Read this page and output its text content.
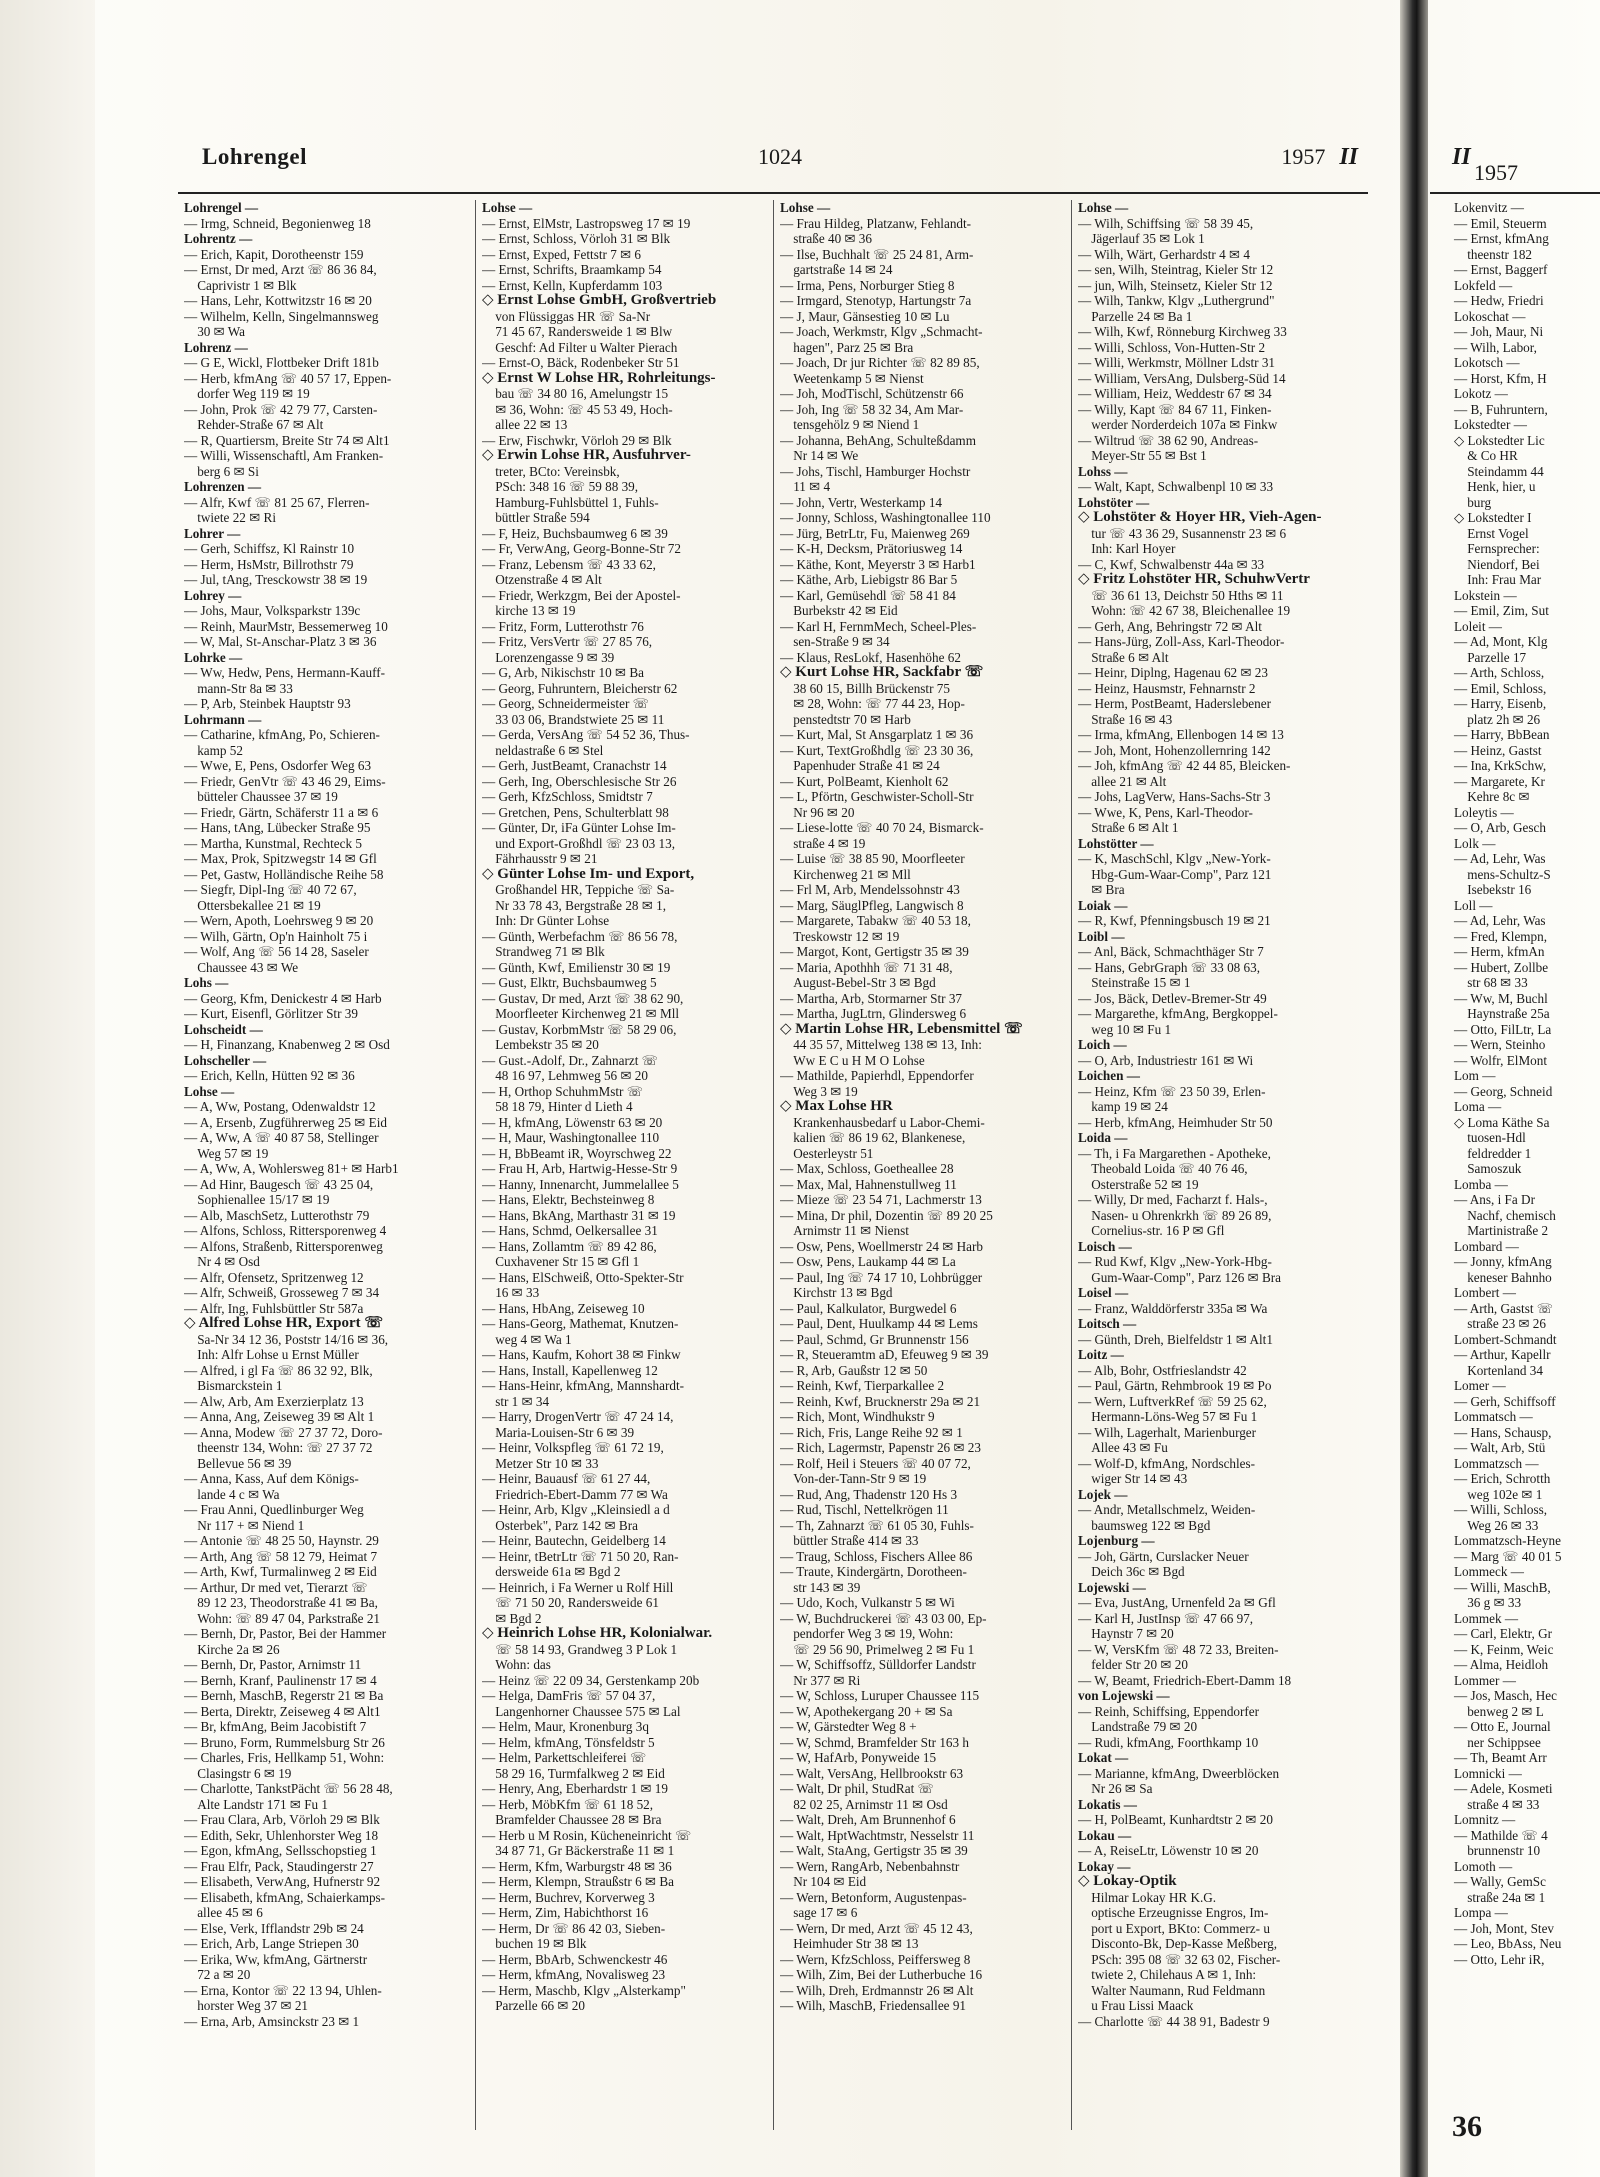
Lohrengel	1024	1957 II
Lohrengel —
— Irmg, Schneid, Begonienweg 18
Lohrentz —
— Erich, Kapit, Dorotheenstr 159
— Ernst, Dr med, Arzt ☏ 86 36 84,
 Caprivistr 1 ✉ Blk
— Hans, Lehr, Kottwitzstr 16 ✉ 20
— Wilhelm, Kelln, Singelmannsweg
 30 ✉ Wa
Lohrenz —
— G E, Wickl, Flottbeker Drift 181b
— Herb, kfmAng ☏ 40 57 17, Eppen-
 dorfer Weg 119 ✉ 19
— John, Prok ☏ 42 79 77, Carsten-
 Rehder-Straße 67 ✉ Alt
— R, Quartiersm, Breite Str 74 ✉ Alt1
— Willi, Wissenschaftl, Am Franken-
 berg 6 ✉ Si
Lohrenzen —
— Alfr, Kwf ☏ 81 25 67, Flerren-
 twiete 22 ✉ Ri
Lohrer —
— Gerh, Schiffsz, Kl Rainstr 10
— Herm, HsMstr, Billrothstr 79
— Jul, tAng, Tresckowstr 38 ✉ 19
Lohrey —
— Johs, Maur, Volksparkstr 139c
— Reinh, MaurMstr, Bessemerweg 10
— W, Mal, St-Anschar-Platz 3 ✉ 36
Lohrke —
— Ww, Hedw, Pens, Hermann-Kauff-
 mann-Str 8a ✉ 33
— P, Arb, Steinbek Hauptstr 93
Lohrmann —
— Catharine, kfmAng, Po, Schieren-
 kamp 52
— Wwe, E, Pens, Osdorfer Weg 63
— Friedr, GenVtr ☏ 43 46 29, Eims-
 bütteler Chaussee 37 ✉ 19
— Friedr, Gärtn, Schäferstr 11 a ✉ 6
— Hans, tAng, Lübecker Straße 95
— Martha, Kunstmal, Rechteck 5
— Max, Prok, Spitzwegstr 14 ✉ Gfl
— Pet, Gastw, Holländische Reihe 58
— Siegfr, Dipl-Ing ☏ 40 72 67,
 Ottersbekallee 21 ✉ 19
— Wern, Apoth, Loehrsweg 9 ✉ 20
— Wilh, Gärtn, Op'n Hainholt 75 i
— Wolf, Ang ☏ 56 14 28, Saseler
 Chaussee 43 ✉ We
Lohs —
— Georg, Kfm, Denickestr 4 ✉ Harb
— Kurt, Eisenfl, Görlitzer Str 39
Lohscheidt —
— H, Finanzang, Knabenweg 2 ✉ Osd
Lohscheller —
— Erich, Kelln, Hütten 92 ✉ 36
Lohse —
— A, Ww, Postang, Odenwaldstr 12
— A, Ersenb, Zugführerweg 25 ✉ Eid
— A, Ww, A ☏ 40 87 58, Stellinger
 Weg 57 ✉ 19
— A, Ww, A, Wohlersweg 81+ ✉ Harb1
— Ad Hinr, Baugesch ☏ 43 25 04,
 Sophienallee 15/17 ✉ 19
— Alb, MaschSetz, Lutterothstr 79
— Alfons, Schloss, Rittersporenweg 4
— Alfons, Straßenb, Rittersporenweg
 Nr 4 ✉ Osd
— Alfr, Ofensetz, Spritzenweg 12
— Alfr, Schweiß, Grosseweg 7 ✉ 34
— Alfr, Ing, Fuhlsbüttler Str 587a
◇ Alfred Lohse HR, Export ☏
 Sa-Nr 34 12 36, Poststr 14/16 ✉ 36,
 Inh: Alfr Lohse u Ernst Müller
— Alfred, i gl Fa ☏ 86 32 92, Blk,
 Bismarckstein 1
— Alw, Arb, Am Exerzierplatz 13
— Anna, Ang, Zeiseweg 39 ✉ Alt 1
— Anna, Modew ☏ 27 37 72, Doro-
 theenstr 134, Wohn: ☏ 27 37 72
 Bellevue 56 ✉ 39
— Anna, Kass, Auf dem Königs-
 lande 4 c ✉ Wa
— Frau Anni, Quedlinburger Weg
 Nr 117 + ✉ Niend 1
— Antonie ☏ 48 25 50, Haynstr. 29
— Arth, Ang ☏ 58 12 79, Heimat 7
— Arth, Kwf, Turmalinweg 2 ✉ Eid
— Arthur, Dr med vet, Tierarzt ☏
 89 12 23, Theodorstraße 41 ✉ Ba,
 Wohn: ☏ 89 47 04, Parkstraße 21
— Bernh, Dr, Pastor, Bei der Hammer
 Kirche 2a ✉ 26
— Bernh, Dr, Pastor, Arnimstr 11
— Bernh, Kranf, Paulinenstr 17 ✉ 4
— Bernh, MaschB, Regerstr 21 ✉ Ba
— Berta, Direktr, Zeiseweg 4 ✉ Alt1
— Br, kfmAng, Beim Jacobistift 7
— Bruno, Form, Rummelsburg Str 26
— Charles, Fris, Hellkamp 51, Wohn:
 Clasingstr 6 ✉ 19
— Charlotte, TankstPächt ☏ 56 28 48,
 Alte Landstr 171 ✉ Fu 1
— Frau Clara, Arb, Vörloh 29 ✉ Blk
— Edith, Sekr, Uhlenhorster Weg 18
— Egon, kfmAng, Sellsschopstieg 1
— Frau Elfr, Pack, Staudingerstr 27
— Elisabeth, VerwAng, Hufnerstr 92
— Elisabeth, kfmAng, Schaierkamps-
 allee 45 ✉ 6
— Else, Verk, Ifflandstr 29b ✉ 24
— Erich, Arb, Lange Striepen 30
— Erika, Ww, kfmAng, Gärtnerstr
 72 a ✉ 20
— Erna, Kontor ☏ 22 13 94, Uhlen-
 horster Weg 37 ✉ 21
— Erna, Arb, Amsinckstr 23 ✉ 1
Lohse —
— Ernst, ElMstr, Lastropsweg 17 ✉ 19
— Ernst, Schloss, Vörloh 31 ✉ Blk
— Ernst, Exped, Fettstr 7 ✉ 6
— Ernst, Schrifts, Braamkamp 54
— Ernst, Kelln, Kupferdamm 103
◇ Ernst Lohse GmbH, Großvertrieb
 von Flüssiggas HR ☏ Sa-Nr
 71 45 67, Randersweide 1 ✉ Blw
 Geschf: Ad Filter u Walter Pierach
— Ernst-O, Bäck, Rodenbeker Str 51
◇ Ernst W Lohse HR, Rohrleitungs-
 bau ☏ 34 80 16, Amelungstr 15
 ✉ 36, Wohn: ☏ 45 53 49, Hoch-
 allee 22 ✉ 13
— Erw, Fischwkr, Vörloh 29 ✉ Blk
◇ Erwin Lohse HR, Ausfuhrver-
 treter, BCto: Vereinsbk,
 PSch: 348 16 ☏ 59 88 39,
 Hamburg-Fuhlsbüttel 1, Fuhls-
 büttler Straße 594
— F, Heiz, Buchsbaumweg 6 ✉ 39
— Fr, VerwAng, Georg-Bonne-Str 72
— Franz, Lebensm ☏ 43 33 62,
 Otzenstraße 4 ✉ Alt
— Friedr, Werkzgm, Bei der Apostel-
 kirche 13 ✉ 19
— Fritz, Form, Lutterothstr 76
— Fritz, VersVertr ☏ 27 85 76,
 Lorenzengasse 9 ✉ 39
— G, Arb, Nikischstr 10 ✉ Ba
— Georg, Fuhruntern, Bleicherstr 62
— Georg, Schneidermeister ☏
 33 03 06, Brandstwiete 25 ✉ 11
— Gerda, VersAng ☏ 54 52 36, Thus-
 neldastraße 6 ✉ Stel
— Gerh, JustBeamt, Cranachstr 14
— Gerh, Ing, Oberschlesische Str 26
— Gerh, KfzSchloss, Smidtstr 7
— Gretchen, Pens, Schulterblatt 98
— Günter, Dr, iFa Günter Lohse Im-
 und Export-Großhdl ☏ 23 03 13,
 Fährhausstr 9 ✉ 21
◇ Günter Lohse Im- und Export,
 Großhandel HR, Teppiche ☏ Sa-
 Nr 33 78 43, Bergstraße 28 ✉ 1,
 Inh: Dr Günter Lohse
— Günth, Werbefachm ☏ 86 56 78,
 Strandweg 71 ✉ Blk
— Günth, Kwf, Emilienstr 30 ✉ 19
— Gust, Elktr, Buchsbaumweg 5
— Gustav, Dr med, Arzt ☏ 38 62 90,
 Moorfleeter Kirchenweg 21 ✉ Mll
— Gustav, KorbmMstr ☏ 58 29 06,
 Lembekstr 35 ✉ 20
— Gust.-Adolf, Dr., Zahnarzt ☏
 48 16 97, Lehmweg 56 ✉ 20
— H, Orthop SchuhmMstr ☏
 58 18 79, Hinter d Lieth 4
— H, kfmAng, Löwenstr 63 ✉ 20
— H, Maur, Washingtonallee 110
— H, BbBeamt iR, Woyrschweg 22
— Frau H, Arb, Hartwig-Hesse-Str 9
— Hanny, Innenarcht, Jummelallee 5
— Hans, Elektr, Bechsteinweg 8
— Hans, BkAng, Marthastr 31 ✉ 19
— Hans, Schmd, Oelkersallee 31
— Hans, Zollamtm ☏ 89 42 86,
 Cuxhavener Str 15 ✉ Gfl 1
— Hans, ElSchweiß, Otto-Spekter-Str
 16 ✉ 33
— Hans, HbAng, Zeiseweg 10
— Hans-Georg, Mathemat, Knutzen-
 weg 4 ✉ Wa 1
— Hans, Kaufm, Kohort 38 ✉ Finkw
— Hans, Install, Kapellenweg 12
— Hans-Heinr, kfmAng, Mannshardt-
 str 1 ✉ 34
— Harry, DrogenVertr ☏ 47 24 14,
 Maria-Louisen-Str 6 ✉ 39
— Heinr, Volkspfleg ☏ 61 72 19,
 Metzer Str 10 ✉ 33
— Heinr, Bauausf ☏ 61 27 44,
 Friedrich-Ebert-Damm 77 ✉ Wa
— Heinr, Arb, Klgv „Kleinsiedl a d
 Osterbek", Parz 142 ✉ Bra
— Heinr, Bautechn, Geidelberg 14
— Heinr, tBetrLtr ☏ 71 50 20, Ran-
 dersweide 61a ✉ Bgd 2
— Heinrich, i Fa Werner u Rolf Hill
 ☏ 71 50 20, Randersweide 61
 ✉ Bgd 2
◇ Heinrich Lohse HR, Kolonialwar.
 ☏ 58 14 93, Grandweg 3 P Lok 1
 Wohn: das
— Heinz ☏ 22 09 34, Gerstenkamp 20b
— Helga, DamFris ☏ 57 04 37,
 Langenhorner Chaussee 575 ✉ Lal
— Helm, Maur, Kronenburg 3q
— Helm, kfmAng, Tönsfeldstr 5
— Helm, Parkettschleiferei ☏
 58 29 16, Turmfalkweg 2 ✉ Eid
— Henry, Ang, Eberhardstr 1 ✉ 19
— Herb, MöbKfm ☏ 61 18 52,
 Bramfelder Chaussee 28 ✉ Bra
— Herb u M Rosin, Kücheneinricht ☏
 34 87 71, Gr Bäckerstraße 11 ✉ 1
— Herm, Kfm, Warburgstr 48 ✉ 36
— Herm, Klempn, Straußstr 6 ✉ Ba
— Herm, Buchrev, Korverweg 3
— Herm, Zim, Habichthorst 16
— Herm, Dr ☏ 86 42 03, Sieben-
 buchen 19 ✉ Blk
— Herm, BbArb, Schwenckestr 46
— Herm, kfmAng, Novalisweg 23
— Herm, Maschb, Klgv „Alsterkamp"
 Parzelle 66 ✉ 20
Lohse —
— Frau Hildeg, Platzanw, Fehlandt-
 straße 40 ✉ 36
— Ilse, Buchhalt ☏ 25 24 81, Arm-
 gartstraße 14 ✉ 24
— Irma, Pens, Norburger Stieg 8
— Irmgard, Stenotyp, Hartungstr 7a
— J, Maur, Gänsestieg 10 ✉ Lu
— Joach, Werkmstr, Klgv „Schmacht-
 hagen", Parz 25 ✉ Bra
— Joach, Dr jur Richter ☏ 82 89 85,
 Weetenkamp 5 ✉ Nienst
— Joh, ModTischl, Schützenstr 66
— Joh, Ing ☏ 58 32 34, Am Mar-
 tensgehölz 9 ✉ Niend 1
— Johanna, BehAng, Schulteßdamm
 Nr 14 ✉ We
— Johs, Tischl, Hamburger Hochstr
 11 ✉ 4
— John, Vertr, Westerkamp 14
— Jonny, Schloss, Washingtonallee 110
— Jürg, BetrLtr, Fu, Maienweg 269
— K-H, Decksm, Prätoriusweg 14
— Käthe, Kont, Meyerstr 3 ✉ Harb1
— Käthe, Arb, Liebigstr 86 Bar 5
— Karl, Gemüsehdl ☏ 58 41 84
 Burbekstr 42 ✉ Eid
— Karl H, FernmMech, Scheel-Ples-
 sen-Straße 9 ✉ 34
— Klaus, ResLokf, Hasenhöhe 62
◇ Kurt Lohse HR, Sackfabr ☏
 38 60 15, Billh Brückenstr 75
 ✉ 28, Wohn: ☏ 77 44 23, Hop-
 penstedtstr 70 ✉ Harb
— Kurt, Mal, St Ansgarplatz 1 ✉ 36
— Kurt, TextGroßhdlg ☏ 23 30 36,
 Papenhuder Straße 41 ✉ 24
— Kurt, PolBeamt, Kienholt 62
— L, Pförtn, Geschwister-Scholl-Str
 Nr 96 ✉ 20
— Liese-lotte ☏ 40 70 24, Bismarck-
 straße 4 ✉ 19
— Luise ☏ 38 85 90, Moorfleeter
 Kirchenweg 21 ✉ Mll
— Frl M, Arb, Mendelssohnstr 43
— Marg, SäuglPfleg, Langwisch 8
— Margarete, Tabakw ☏ 40 53 18,
 Treskowstr 12 ✉ 19
— Margot, Kont, Gertigstr 35 ✉ 39
— Maria, Apothhh ☏ 71 31 48,
 August-Bebel-Str 3 ✉ Bgd
— Martha, Arb, Stormarner Str 37
— Martha, JugLtrn, Glindersweg 6
◇ Martin Lohse HR, Lebensmittel ☏
 44 35 57, Mittelweg 138 ✉ 13, Inh:
 Ww E C u H M O Lohse
— Mathilde, Papierhdl, Eppendorfer
 Weg 3 ✉ 19
◇ Max Lohse HR
 Krankenhausbedarf u Labor-Chemi-
 kalien ☏ 86 19 62, Blankenese,
 Oesterleystr 51
— Max, Schloss, Goetheallee 28
— Max, Mal, Hahnenstullweg 11
— Mieze ☏ 23 54 71, Lachmerstr 13
— Mina, Dr phil, Dozentin ☏ 89 20 25
 Arnimstr 11 ✉ Nienst
— Osw, Pens, Woellmerstr 24 ✉ Harb
— Osw, Pens, Laukamp 44 ✉ La
— Paul, Ing ☏ 74 17 10, Lohbrügger
 Kirchstr 13 ✉ Bgd
— Paul, Kalkulator, Burgwedel 6
— Paul, Dent, Huulkamp 44 ✉ Lems
— Paul, Schmd, Gr Brunnenstr 156
— R, Steueramtm aD, Efeuweg 9 ✉ 39
— R, Arb, Gaußstr 12 ✉ 50
— Reinh, Kwf, Tierparkallee 2
— Reinh, Kwf, Brucknerstr 29a ✉ 21
— Rich, Mont, Windhukstr 9
— Rich, Fris, Lange Reihe 92 ✉ 1
— Rich, Lagermstr, Papenstr 26 ✉ 23
— Rolf, Heil i Steuers ☏ 40 07 72,
 Von-der-Tann-Str 9 ✉ 19
— Rud, Ang, Thadenstr 120 Hs 3
— Rud, Tischl, Nettelkrögen 11
— Th, Zahnarzt ☏ 61 05 30, Fuhls-
 büttler Straße 414 ✉ 33
— Traug, Schloss, Fischers Allee 86
— Traute, Kindergärtn, Dorotheen-
 str 143 ✉ 39
— Udo, Koch, Vulkanstr 5 ✉ Wi
— W, Buchdruckerei ☏ 43 03 00, Ep-
 pendorfer Weg 3 ✉ 19, Wohn:
 ☏ 29 56 90, Primelweg 2 ✉ Fu 1
— W, Schiffsoffz, Sülldorfer Landstr
 Nr 377 ✉ Ri
— W, Schloss, Luruper Chaussee 115
— W, Apothekergang 20 + ✉ Sa
— W, Gärstedter Weg 8 +
— W, Schmd, Bramfelder Str 163 h
— W, HafArb, Ponyweide 15
— Walt, VersAng, Hellbrookstr 63
— Walt, Dr phil, StudRat ☏
 82 02 25, Arnimstr 11 ✉ Osd
— Walt, Dreh, Am Brunnenhof 6
— Walt, HptWachtmstr, Nesselstr 11
— Walt, StaAng, Gertigstr 35 ✉ 39
— Wern, RangArb, Nebenbahnstr
 Nr 104 ✉ Eid
— Wern, Betonform, Augustenpas-
 sage 17 ✉ 6
— Wern, Dr med, Arzt ☏ 45 12 43,
 Heimhuder Str 38 ✉ 13
— Wern, KfzSchloss, Peiffersweg 8
— Wilh, Zim, Bei der Lutherbuche 16
— Wilh, Dreh, Erdmannstr 26 ✉ Alt
— Wilh, MaschB, Friedensallee 91
Lohse —
— Wilh, Schiffsing ☏ 58 39 45,
 Jägerlauf 35 ✉ Lok 1
— Wilh, Wärt, Gerhardstr 4 ✉ 4
— sen, Wilh, Steintrag, Kieler Str 12
— jun, Wilh, Steinsetz, Kieler Str 12
— Wilh, Tankw, Klgv „Luthergrund"
 Parzelle 24 ✉ Ba 1
— Wilh, Kwf, Rönneburg Kirchweg 33
— Willi, Schloss, Von-Hutten-Str 2
— Willi, Werkmstr, Möllner Ldstr 31
— William, VersAng, Dulsberg-Süd 14
— William, Heiz, Weddestr 67 ✉ 34
— Willy, Kapt ☏ 84 67 11, Finken-
 werder Norderdeich 107a ✉ Finkw
— Wiltrud ☏ 38 62 90, Andreas-
 Meyer-Str 55 ✉ Bst 1
Lohss —
— Walt, Kapt, Schwalbenpl 10 ✉ 33
Lohstöter —
◇ Lohstöter & Hoyer HR, Vieh-Agen-
 tur ☏ 43 36 29, Susannenstr 23 ✉ 6
 Inh: Karl Hoyer
— C, Kwf, Schwalbenstr 44a ✉ 33
◇ Fritz Lohstöter HR, SchuhwVertr
 ☏ 36 61 13, Deichstr 50 Hths ✉ 11
 Wohn: ☏ 42 67 38, Bleichenallee 19
— Gerh, Ang, Behringstr 72 ✉ Alt
— Hans-Jürg, Zoll-Ass, Karl-Theodor-
 Straße 6 ✉ Alt
— Heinr, Diplng, Hagenau 62 ✉ 23
— Heinz, Hausmstr, Fehnarnstr 2
— Herm, PostBeamt, Haderslebener
 Straße 16 ✉ 43
— Irma, kfmAng, Ellenbogen 14 ✉ 13
— Joh, Mont, Hohenzollernring 142
— Joh, kfmAng ☏ 42 44 85, Bleicken-
 allee 21 ✉ Alt
— Johs, LagVerw, Hans-Sachs-Str 3
— Wwe, K, Pens, Karl-Theodor-
 Straße 6 ✉ Alt 1
Lohstötter —
— K, MaschSchl, Klgv „New-York-
 Hbg-Gum-Waar-Comp", Parz 121
 ✉ Bra
Loiak —
— R, Kwf, Pfenningsbusch 19 ✉ 21
Loibl —
— Anl, Bäck, Schmachthäger Str 7
— Hans, GebrGraph ☏ 33 08 63,
 Steinstraße 15 ✉ 1
— Jos, Bäck, Detlev-Bremer-Str 49
— Margarethe, kfmAng, Bergkoppel-
 weg 10 ✉ Fu 1
Loich —
— O, Arb, Industriestr 161 ✉ Wi
Loichen —
— Heinz, Kfm ☏ 23 50 39, Erlen-
 kamp 19 ✉ 24
— Herb, kfmAng, Heimhuder Str 50
Loida —
— Th, i Fa Margarethen - Apotheke,
 Theobald Loida ☏ 40 76 46,
 Osterstraße 52 ✉ 19
— Willy, Dr med, Facharzt f. Hals-,
 Nasen- u Ohrenkrkh ☏ 89 26 89,
 Cornelius-str. 16 P ✉ Gfl
Loisch —
— Rud Kwf, Klgv „New-York-Hbg-
 Gum-Waar-Comp", Parz 126 ✉ Bra
Loisel —
— Franz, Walddörferstr 335a ✉ Wa
Loitsch —
— Günth, Dreh, Bielfeldstr 1 ✉ Alt1
Loitz —
— Alb, Bohr, Ostfrieslandstr 42
— Paul, Gärtn, Rehmbrook 19 ✉ Po
— Wern, LuftverkRef ☏ 59 25 62,
 Hermann-Löns-Weg 57 ✉ Fu 1
— Wilh, Lagerhalt, Marienburger
 Allee 43 ✉ Fu
— Wolf-D, kfmAng, Nordschles-
 wiger Str 14 ✉ 43
Lojek —
— Andr, Metallschmelz, Weiden-
 baumsweg 122 ✉ Bgd
Lojenburg —
— Joh, Gärtn, Curslacker Neuer
 Deich 36c ✉ Bgd
Lojewski —
— Eva, JustAng, Urnenfeld 2a ✉ Gfl
— Karl H, JustInsp ☏ 47 66 97,
 Haynstr 7 ✉ 20
— W, VersKfm ☏ 48 72 33, Breiten-
 felder Str 20 ✉ 20
— W, Beamt, Friedrich-Ebert-Damm 18
von Lojewski —
— Reinh, Schiffsing, Eppendorfer
 Landstraße 79 ✉ 20
— Rudi, kfmAng, Foorthkamp 10
Lokat —
— Marianne, kfmAng, Dweerblöcken
 Nr 26 ✉ Sa
Lokatis —
— H, PolBeamt, Kunhardtstr 2 ✉ 20
Lokau —
— A, ReiseLtr, Löwenstr 10 ✉ 20
Lokay —
◇ Lokay-Optik
 Hilmar Lokay HR K.G.
 optische Erzeugnisse Engros, Im-
 port u Export, BKto: Commerz- u
 Disconto-Bk, Dep-Kasse Meßberg,
 PSch: 395 08 ☏ 32 63 02, Fischer-
 twiete 2, Chilehaus A ✉ 1, Inh:
 Walter Naumann, Rud Feldmann
 u Frau Lissi Maack
— Charlotte ☏ 44 38 91, Badestr 9
II
1957
Lokenvitz —
— Emil, Steuerm
— Ernst, kfmAng
 theenstr 182
— Ernst, Baggerf
Lokfeld —
— Hedw, Friedri
Lokoschat —
— Joh, Maur, Ni
— Wilh, Labor,
Lokotsch —
— Horst, Kfm, H
Lokotz —
— B, Fuhruntern,
Lokstedter —
◇ Lokstedter Lic
 & Co HR
 Steindamm 44
 Henk, hier, u
 burg
◇ Lokstedter I
 Ernst Vogel
 Fernsprecher:
 Niendorf, Bei
 Inh: Frau Mar
Lokstein —
— Emil, Zim, Sut
Loleit —
— Ad, Mont, Klg
 Parzelle 17
— Arth, Schloss,
— Emil, Schloss,
— Harry, Eisenb,
 platz 2h ✉ 26
— Harry, BbBean
— Heinz, Gastst
— Ina, KrkSchw,
— Margarete, Kr
 Kehre 8c ✉
Loleytis —
— O, Arb, Gesch
Lolk —
— Ad, Lehr, Was
 mens-Schultz-S
 Isebekstr 16
Loll —
— Ad, Lehr, Was
— Fred, Klempn,
— Herm, kfmAn
— Hubert, Zollbe
 str 68 ✉ 33
— Ww, M, Buchl
 Haynstraße 25a
— Otto, FilLtr, La
— Wern, Steinho
— Wolfr, ElMont
Lom —
— Georg, Schneid
Loma —
◇ Loma Käthe Sa
 tuosen-Hdl
 feldredder 1
 Samoszuk
Lomba —
— Ans, i Fa Dr
 Nachf, chemisch
 Martinistraße 2
Lombard —
— Jonny, kfmAng
 keneser Bahnho
Lombert —
— Arth, Gastst ☏
 straße 23 ✉ 26
Lombert-Schmandt
— Arthur, Kapellr
 Kortenland 34
Lomer —
— Gerh, Schiffsoff
Lommatsch —
— Hans, Schausp,
— Walt, Arb, Stü
Lommatzsch —
— Erich, Schrotth
 weg 102e ✉ 1
— Willi, Schloss,
 Weg 26 ✉ 33
Lommatzsch-Heyne
— Marg ☏ 40 01 5
Lommeck —
— Willi, MaschB,
 36 g ✉ 33
Lommek —
— Carl, Elektr, Gr
— K, Feinm, Weic
— Alma, Heidloh
Lommer —
— Jos, Masch, Hec
 benweg 2 ✉ L
— Otto E, Journal
 ner Schippsee
— Th, Beamt Arr
Lomnicki —
— Adele, Kosmeti
 straße 4 ✉ 33
Lomnitz —
— Mathilde ☏ 4
 brunnenstr 10
Lomoth —
— Wally, GemSc
 straße 24a ✉ 1
Lompa —
— Joh, Mont, Stev
— Leo, BbAss, Neu
— Otto, Lehr iR,
36
